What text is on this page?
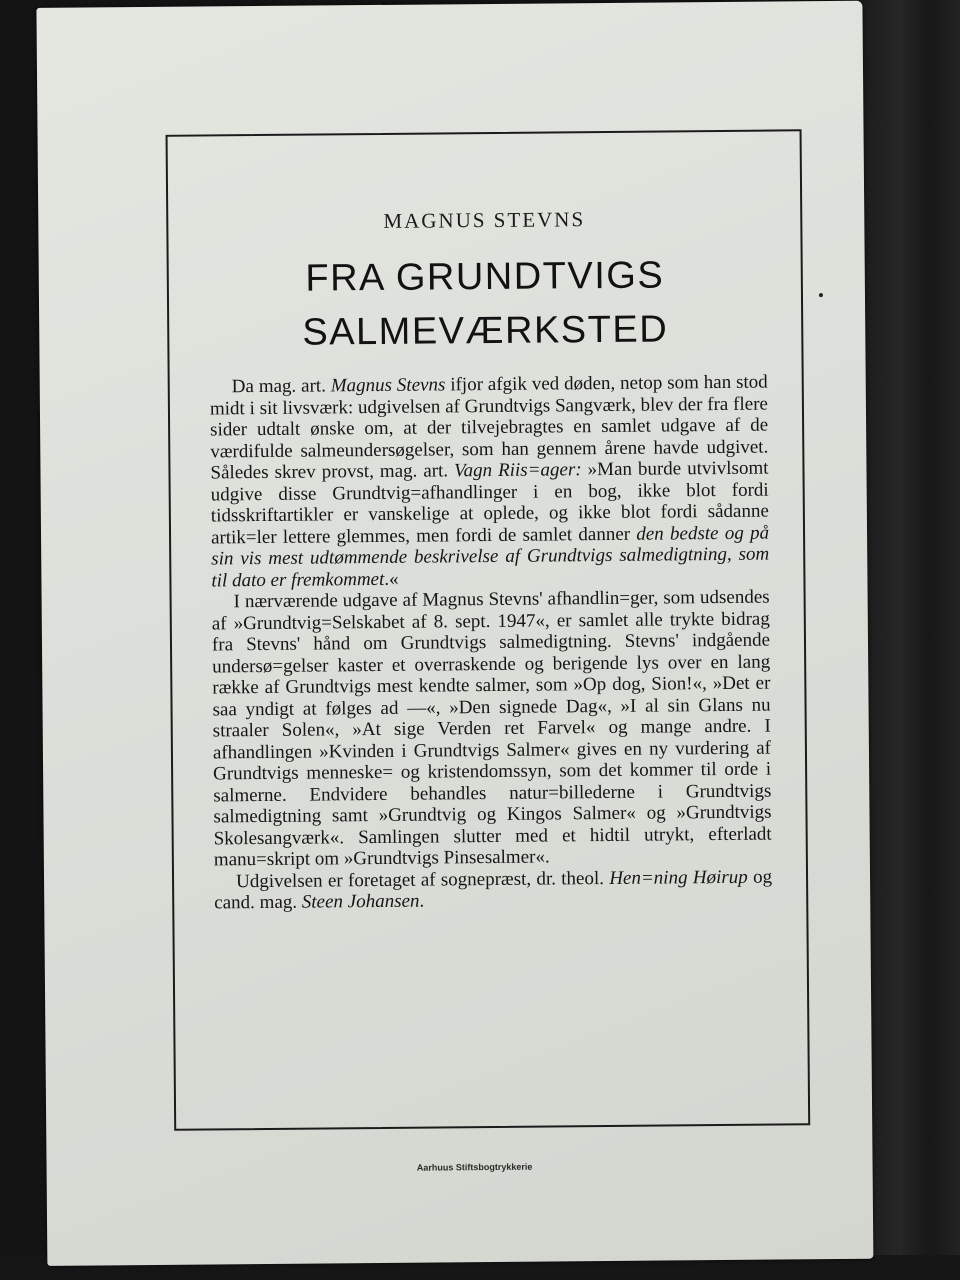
MAGNUS STEVNS
FRA GRUNDTVIGS
SALMEVÆRKSTED

Da mag. art. Magnus Stevns ifjor afgik ved døden, netop som han stod midt i sit livsværk: udgivelsen af Grundtvigs Sangværk, blev der fra flere sider udtalt ønske om, at der tilvejebragtes en samlet udgave af de værdifulde salmeundersøgelser, som han gennem årene havde udgivet. Således skrev provst, mag. art. Vagn Riis=ager: »Man burde utvivlsomt udgive disse Grundtvig=afhandlinger i en bog, ikke blot fordi tidsskriftartikler er vanskelige at oplede, og ikke blot fordi sådanne artik=ler lettere glemmes, men fordi de samlet danner den bedste og på sin vis mest udtømmende beskrivelse af Grundtvigs salmedigtning, som til dato er fremkommet.«

I nærværende udgave af Magnus Stevns' afhandlin=ger, som udsendes af »Grundtvig=Selskabet af 8. sept. 1947«, er samlet alle trykte bidrag fra Stevns' hånd om Grundtvigs salmedigtning. Stevns' indgående undersø=gelser kaster et overraskende og berigende lys over en lang række af Grundtvigs mest kendte salmer, som »Op dog, Sion!«, »Det er saa yndigt at følges ad —«, »Den signede Dag«, »I al sin Glans nu straaler Solen«, »At sige Verden ret Farvel« og mange andre. I afhandlingen »Kvinden i Grundtvigs Salmer« gives en ny vurdering af Grundtvigs menneske= og kristendomssyn, som det kommer til orde i salmerne. Endvidere behandles natur=billederne i Grundtvigs salmedigtning samt »Grundtvig og Kingos Salmer« og »Grundtvigs Skolesangværk«. Samlingen slutter med et hidtil utrykt, efterladt manu=skript om »Grundtvigs Pinsesalmer«.

Udgivelsen er foretaget af sognepræst, dr. theol. Hen=ning Høirup og cand. mag. Steen Johansen.

Aarhuus Stiftsbogtrykkerie
